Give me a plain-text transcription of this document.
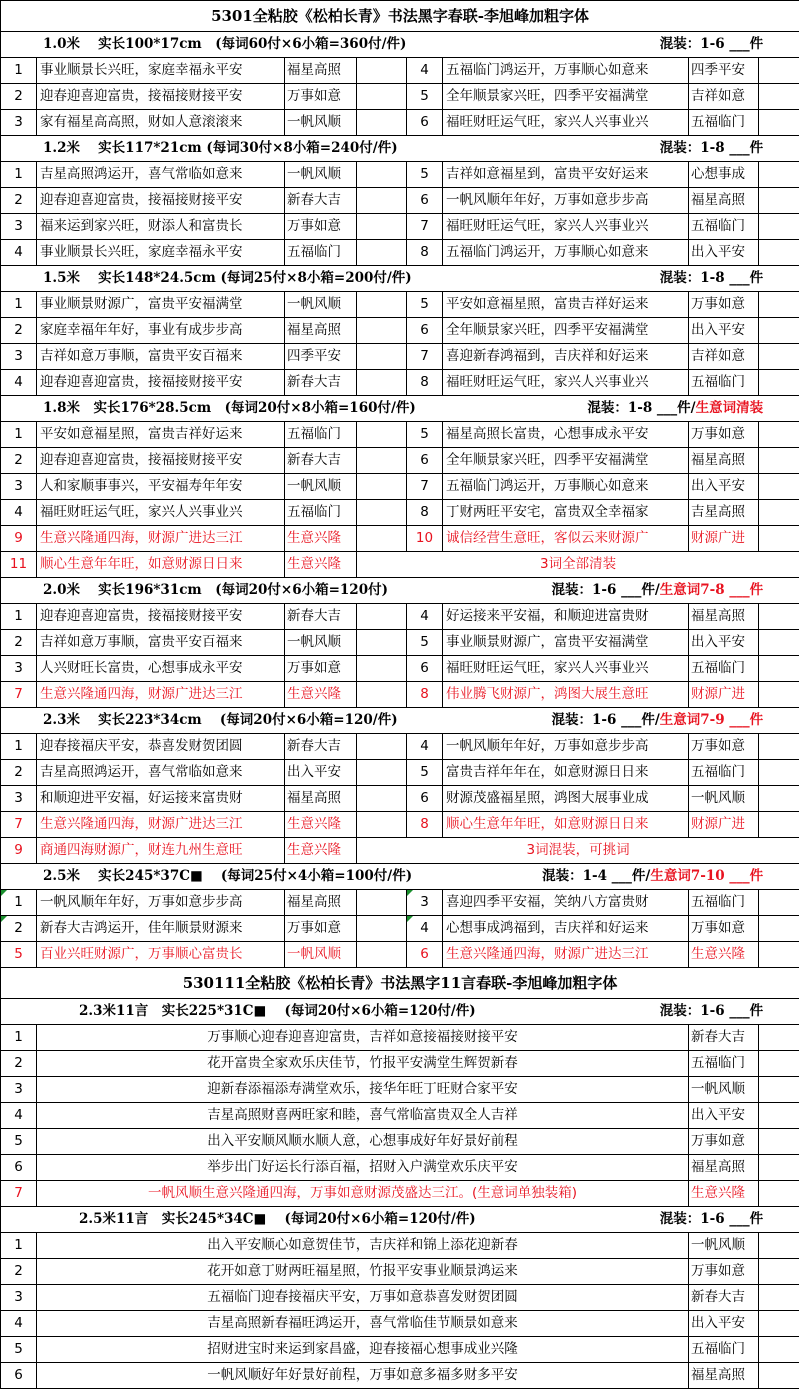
5301全粘胶《松柏长青》书法黑字春联-李旭峰加粗字体							

1.0米　 实长100*17cm　(每词60付×6小箱=360付/件) 混装：1-6 ___件							

1	事业顺景长兴旺，家庭幸福永平安	福星高照		4	五福临门鸿运开，万事顺心如意来	四季平安	
2	迎春迎喜迎富贵，接福接财接平安	万事如意		5	全年顺景家兴旺，四季平安福满堂	吉祥如意	
3	家有福星高高照，财如人意滚滚来	一帆风顺		6	福旺财旺运气旺，家兴人兴事业兴	五福临门	

1.2米　 实长117*21cm (每词30付×8小箱=240付/件) 混装：1-8 ___件							

1	吉星高照鸿运开，喜气常临如意来	一帆风顺		5	吉祥如意福星到，富贵平安好运来	心想事成	
2	迎春迎喜迎富贵，接福接财接平安	新春大吉		6	一帆风顺年年好，万事如意步步高	福星高照	
3	福来运到家兴旺，财添人和富贵长	万事如意		7	福旺财旺运气旺，家兴人兴事业兴	五福临门	
4	事业顺景长兴旺，家庭幸福永平安	五福临门		8	五福临门鸿运开，万事顺心如意来	出入平安	

1.5米　 实长148*24.5cm (每词25付×8小箱=200付/件) 混装：1-8 ___件							

1	事业顺景财源广，富贵平安福满堂	一帆风顺		5	平安如意福星照，富贵吉祥好运来	万事如意	
2	家庭幸福年年好，事业有成步步高	福星高照		6	全年顺景家兴旺，四季平安福满堂	出入平安	
3	吉祥如意万事顺，富贵平安百福来	四季平安		7	喜迎新春鸿福到，吉庆祥和好运来	吉祥如意	
4	迎春迎喜迎富贵，接福接财接平安	新春大吉		8	福旺财旺运气旺，家兴人兴事业兴	五福临门	

1.8米　实长176*28.5cm　(每词20付×8小箱=160付/件) 混装：1-8 ___件/生意词清装							

1	平安如意福星照，富贵吉祥好运来	五福临门		5	福星高照长富贵，心想事成永平安	万事如意	
2	迎春迎喜迎富贵，接福接财接平安	新春大吉		6	全年顺景家兴旺，四季平安福满堂	福星高照	
3	人和家顺事事兴，平安福寿年年安	一帆风顺		7	五福临门鸿运开，万事顺心如意来	出入平安	
4	福旺财旺运气旺，家兴人兴事业兴	五福临门		8	丁财两旺平安宅，富贵双全幸福家	吉星高照	
9	生意兴隆通四海，财源广进达三江	生意兴隆		10	诚信经营生意旺，客似云来财源广	财源广进	
11	顺心生意年年旺，如意财源日日来	生意兴隆	3词全部清装				

2.0米　 实长196*31cm　(每词20付×6小箱=120付) 混装：1-6 ___件/生意词7-8 ___件							

1	迎春迎喜迎富贵，接福接财接平安	新春大吉		4	好运接来平安福，和顺迎进富贵财	福星高照	
2	吉祥如意万事顺，富贵平安百福来	一帆风顺		5	事业顺景财源广，富贵平安福满堂	出入平安	
3	人兴财旺长富贵，心想事成永平安	万事如意		6	福旺财旺运气旺，家兴人兴事业兴	五福临门	
7	生意兴隆通四海，财源广进达三江	生意兴隆		8	伟业腾飞财源广，鸿图大展生意旺	财源广进	

2.3米　 实长223*34cm　 (每词20付×6小箱=120/件) 混装：1-6 ___件/生意词7-9 ___件							

1	迎春接福庆平安，恭喜发财贺团圆	新春大吉		4	一帆风顺年年好，万事如意步步高	万事如意	
2	吉星高照鸿运开，喜气常临如意来	出入平安		5	富贵吉祥年年在，如意财源日日来	五福临门	
3	和顺迎进平安福，好运接来富贵财	福星高照		6	财源茂盛福星照，鸿图大展事业成	一帆风顺	
7	生意兴隆通四海，财源广进达三江	生意兴隆		8	顺心生意年年旺，如意财源日日来	财源广进	
9	商通四海财源广，财连九州生意旺	生意兴隆	3词混装，可挑词				

2.5米　 实长245*37C■　 (每词25付×4小箱=100付/件) 混装：1-4 ___件/生意词7-10 ___件							

1	一帆风顺年年好，万事如意步步高	福星高照		3	喜迎四季平安福，笑纳八方富贵财	五福临门	
2	新春大吉鸿运开，佳年顺景财源来	万事如意		4	心想事成鸿福到，吉庆祥和好运来	万事如意	
5	百业兴旺财源广，万事顺心富贵长	一帆风顺		6	生意兴隆通四海，财源广进达三江	生意兴隆	
530111全粘胶《松柏长青》书法黑字11言春联-李旭峰加粗字体							

2.3米11言　实长225*31C■　 (每词20付×6小箱=120付/件) 混装：1-6 ___件							

1	万事顺心迎春迎喜迎富贵，吉祥如意接福接财接平安					新春大吉	
2	花开富贵全家欢乐庆佳节，竹报平安满堂生辉贺新春					五福临门	
3	迎新春添福添寿满堂欢乐，接华年旺丁旺财合家平安					一帆风顺	
4	吉星高照财喜两旺家和睦，喜气常临富贵双全人吉祥					出入平安	
5	出入平安顺风顺水顺人意，心想事成好年好景好前程					万事如意	
6	举步出门好运长行添百福，招财入户满堂欢乐庆平安					福星高照	
7	一帆风顺生意兴隆通四海，万事如意财源茂盛达三江。(生意词单独装箱)					生意兴隆	

2.5米11言　实长245*34C■　 (每词20付×6小箱=120付/件) 混装：1-6 ___件							

1	出入平安顺心如意贺佳节，吉庆祥和锦上添花迎新春					一帆风顺	
2	花开如意丁财两旺福星照，竹报平安事业顺景鸿运来					万事如意	
3	五福临门迎春接福庆平安，万事如意恭喜发财贺团圆					新春大吉	
4	吉星高照新春福旺鸿运开，喜气常临佳节顺景如意来					出入平安	
5	招财进宝时来运到家昌盛，迎春接福心想事成业兴隆					五福临门	
6	一帆风顺好年好景好前程，万事如意多福多财多平安					福星高照	
